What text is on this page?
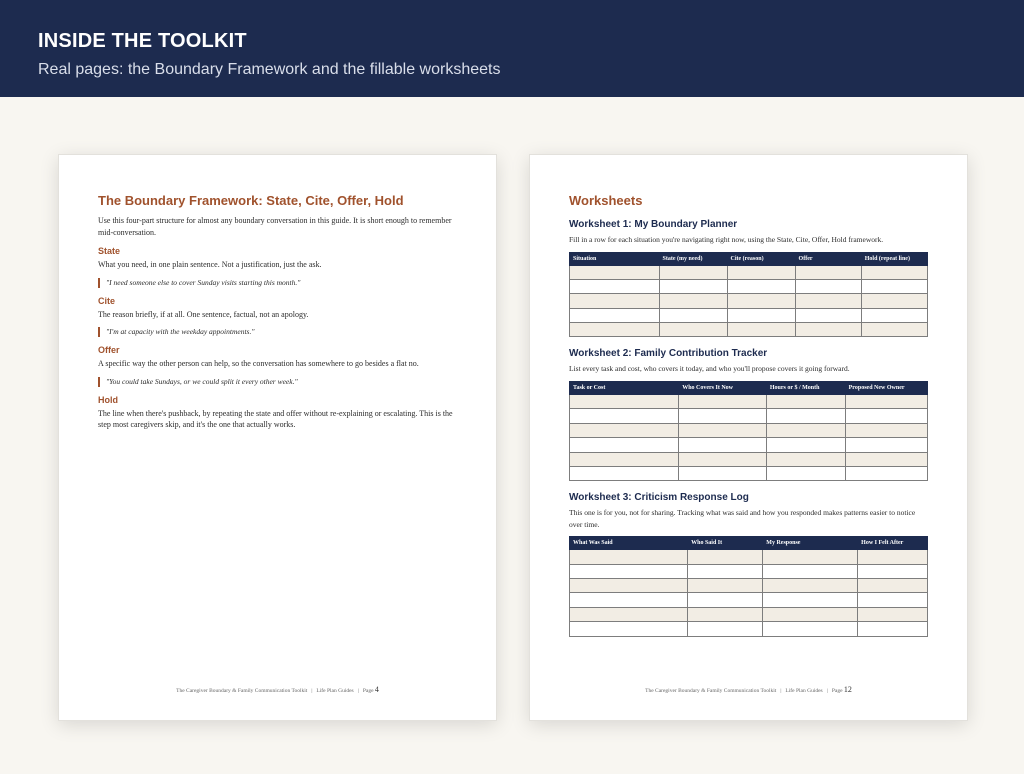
INSIDE THE TOOLKIT
Real pages: the Boundary Framework and the fillable worksheets
The Boundary Framework: State, Cite, Offer, Hold
Use this four-part structure for almost any boundary conversation in this guide. It is short enough to remember mid-conversation.
State
What you need, in one plain sentence. Not a justification, just the ask.
"I need someone else to cover Sunday visits starting this month."
Cite
The reason briefly, if at all. One sentence, factual, not an apology.
"I'm at capacity with the weekday appointments."
Offer
A specific way the other person can help, so the conversation has somewhere to go besides a flat no.
"You could take Sundays, or we could split it every other week."
Hold
The line when there's pushback, by repeating the state and offer without re-explaining or escalating. This is the step most caregivers skip, and it's the one that actually works.
The Caregiver Boundary & Family Communication Toolkit | Life Plan Guides | Page 4
Worksheets
Worksheet 1: My Boundary Planner
Fill in a row for each situation you're navigating right now, using the State, Cite, Offer, Hold framework.
Situation	State (my need)	Cite (reason)	Offer	Hold (repeat line)

Worksheet 2: Family Contribution Tracker
List every task and cost, who covers it today, and who you'll propose covers it going forward.
Task or Cost	Who Covers It Now	Hours or $ / Month	Proposed New Owner

Worksheet 3: Criticism Response Log
This one is for you, not for sharing. Tracking what was said and how you responded makes patterns easier to notice over time.
What Was Said	Who Said It	My Response	How I Felt After

The Caregiver Boundary & Family Communication Toolkit | Life Plan Guides | Page 12
